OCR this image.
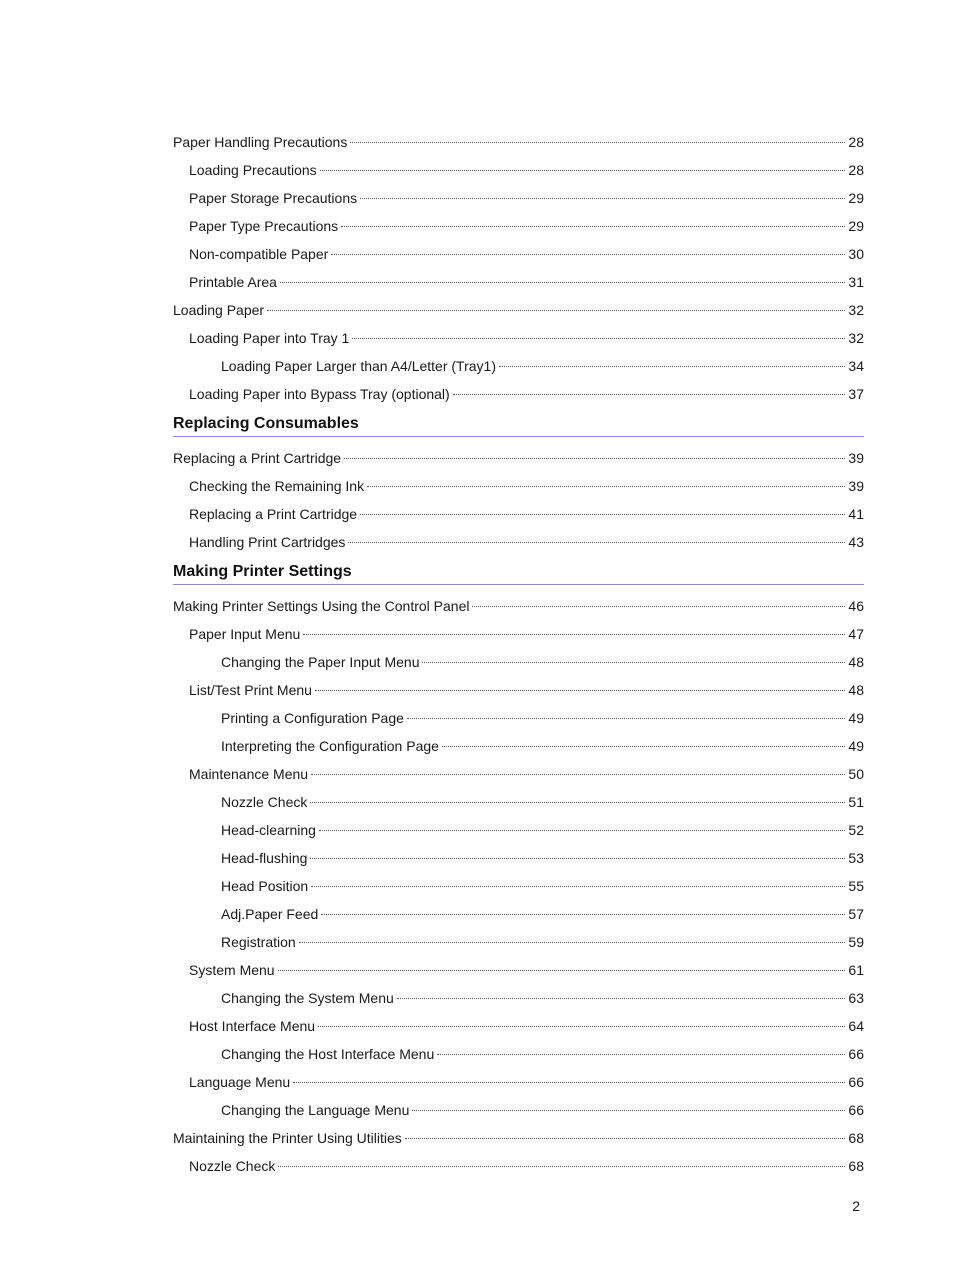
Paper Handling Precautions	28
Loading Precautions	28
Paper Storage Precautions	29
Paper Type Precautions	29
Non-compatible Paper	30
Printable Area	31
Loading Paper	32
Loading Paper into Tray 1	32
Loading Paper Larger than A4/Letter (Tray1)	34
Loading Paper into Bypass Tray (optional)	37
Replacing Consumables
Replacing a Print Cartridge	39
Checking the Remaining Ink	39
Replacing a Print Cartridge	41
Handling Print Cartridges	43
Making Printer Settings
Making Printer Settings Using the Control Panel	46
Paper Input Menu	47
Changing the Paper Input Menu	48
List/Test Print Menu	48
Printing a Configuration Page	49
Interpreting the Configuration Page	49
Maintenance Menu	50
Nozzle Check	51
Head-clearning	52
Head-flushing	53
Head Position	55
Adj.Paper Feed	57
Registration	59
System Menu	61
Changing the System Menu	63
Host Interface Menu	64
Changing the Host Interface Menu	66
Language Menu	66
Changing the Language Menu	66
Maintaining the Printer Using Utilities	68
Nozzle Check	68
2
